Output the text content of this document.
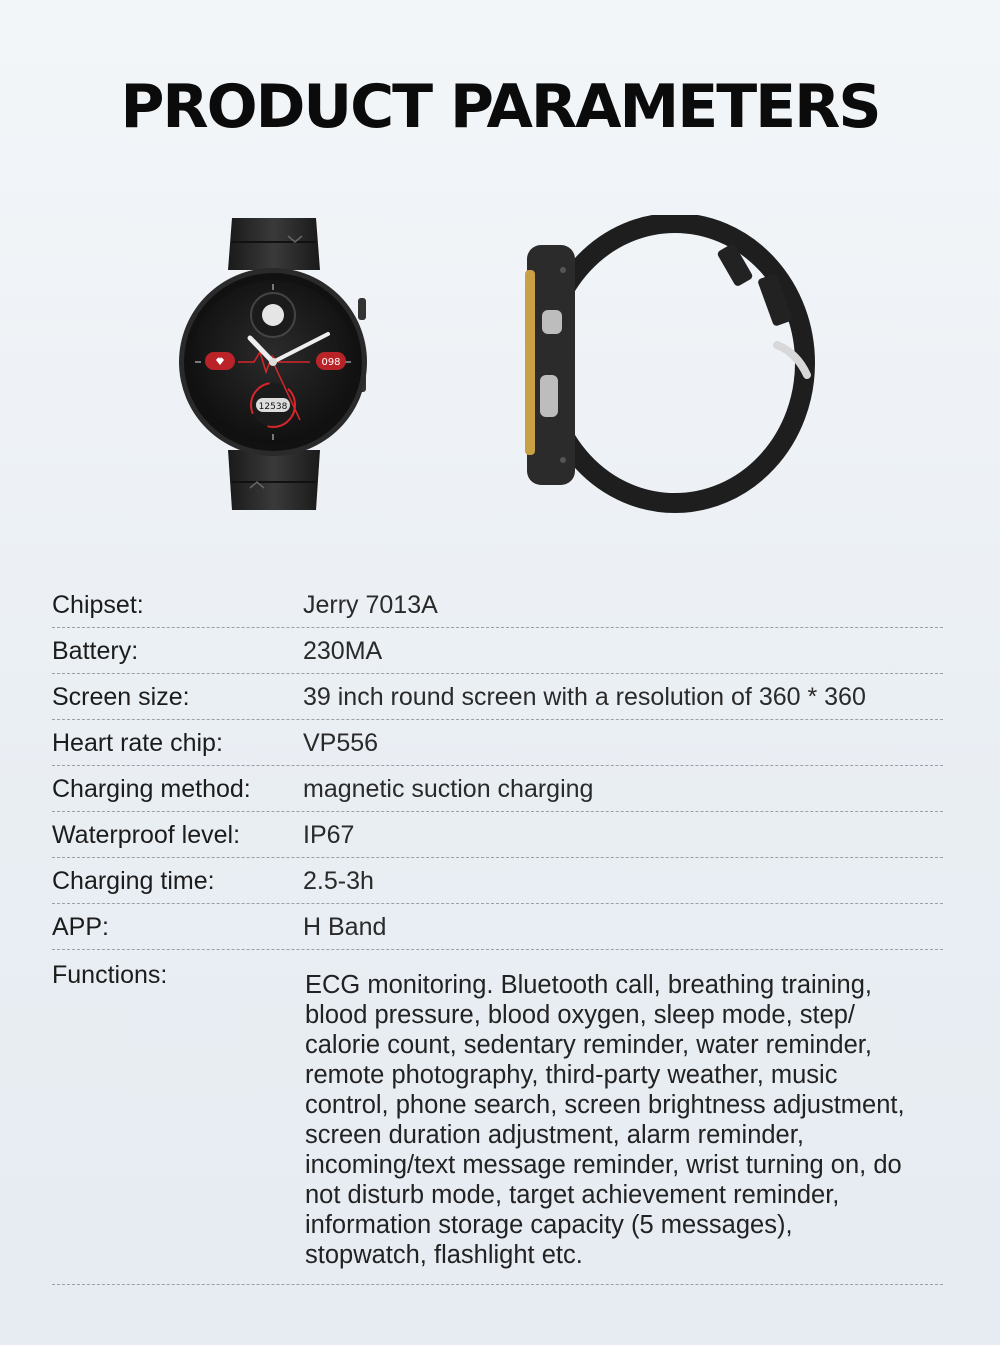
PRODUCT PARAMETERS
12538
098
Chipset:	Jerry 7013A
Battery:	230MA
Screen size:	39 inch round screen with a resolution of 360 * 360
Heart rate chip:	VP556
Charging method:	magnetic suction charging
Waterproof level:	IP67
Charging time:	2.5-3h
APP:	H Band
Functions:	ECG monitoring. Bluetooth call, breathing training,
blood pressure, blood oxygen, sleep mode, step/
calorie count, sedentary reminder, water reminder,
remote photography, third-party weather, music
control, phone search, screen brightness adjustment,
screen duration adjustment, alarm reminder,
incoming/text message reminder, wrist turning on, do
not disturb mode, target achievement reminder,
information storage capacity (5 messages),
stopwatch, flashlight etc.
